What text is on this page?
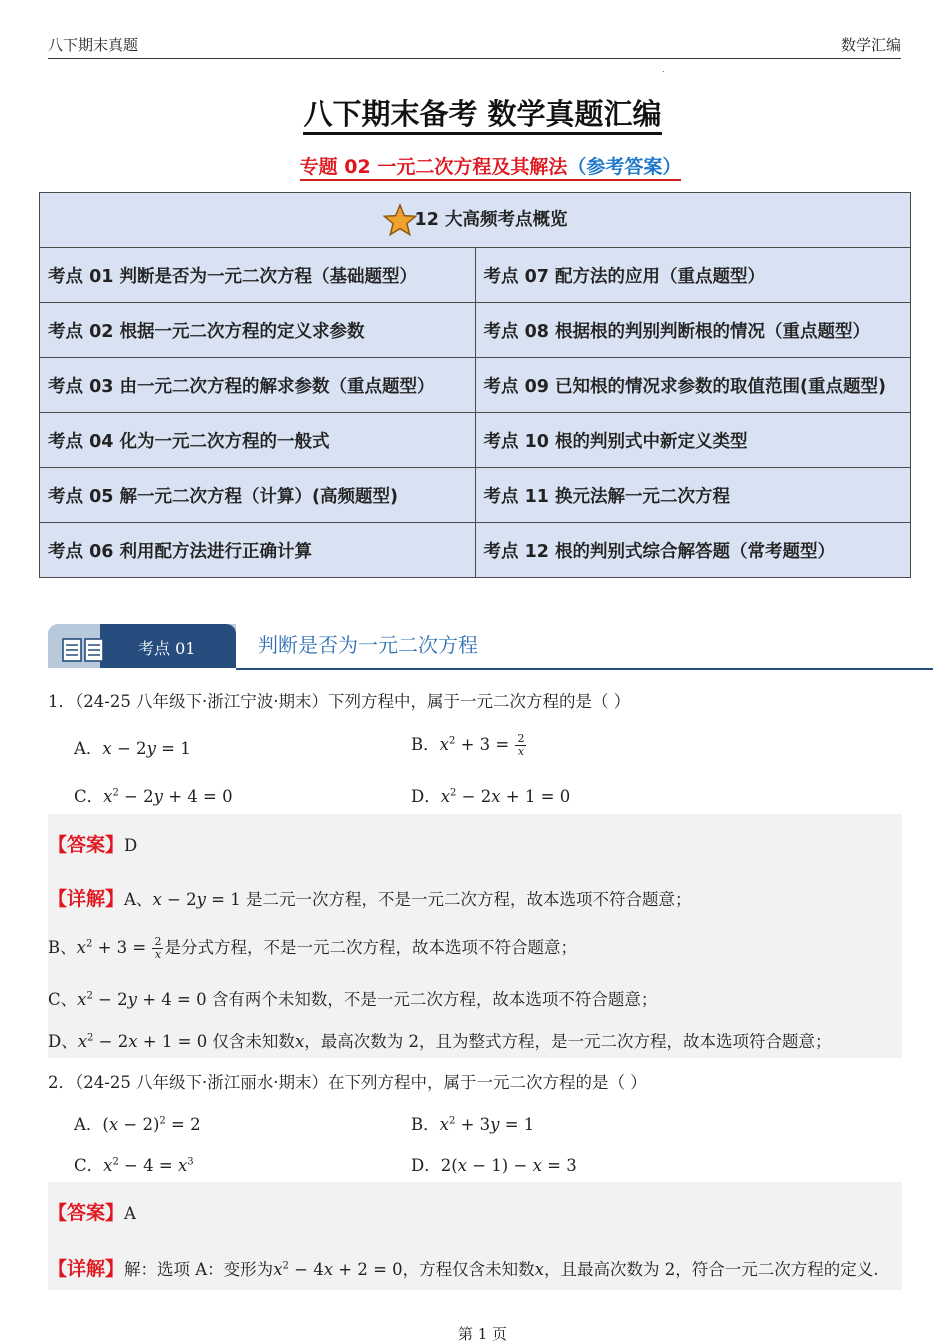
八下期末真题	数学汇编
.
八下期末备考 数学真题汇编
专题 02 一元二次方程及其解法（参考答案）
12 大高频考点概览	
考点 01 判断是否为一元二次方程（基础题型）	考点 07 配方法的应用（重点题型）
考点 02 根据一元二次方程的定义求参数	考点 08 根据根的判别判断根的情况（重点题型）
考点 03 由一元二次方程的解求参数（重点题型）	考点 09 已知根的情况求参数的取值范围(重点题型)
考点 04 化为一元二次方程的一般式	考点 10 根的判别式中新定义类型
考点 05 解一元二次方程（计算）(高频题型)	考点 11 换元法解一元二次方程
考点 06 利用配方法进行正确计算	考点 12 根的判别式综合解答题（常考题型）
考点 01	判断是否为一元二次方程
1．（24-25 八年级下·浙江宁波·期末）下列方程中，属于一元二次方程的是（ ）
A．x − 2y = 1	B．$x^2 + 3 = \frac{2}{x}$
C．$x^2 - 2y + 4 = 0$	D．$x^2 - 2x + 1 = 0$
【答案】D
【详解】A、x − 2y = 1 是二元一次方程，不是一元二次方程，故本选项不符合题意；
B、$x^2 + 3 = \frac{2}{x}$ 是分式方程，不是一元二次方程，故本选项不符合题意；
C、$x^2 - 2y + 4 = 0$ 含有两个未知数，不是一元二次方程，故本选项不符合题意；
D、$x^2 - 2x + 1 = 0$ 仅含未知数x，最高次数为 2，且为整式方程，是一元二次方程，故本选项符合题意；
2．（24-25 八年级下·浙江丽水·期末）在下列方程中，属于一元二次方程的是（ ）
A．$(x - 2)^2 = 2$	B．$x^2 + 3y = 1$
C．$x^2 - 4 = x^3$	D．2(x − 1) − x = 3
【答案】A
【详解】解：选项 A：变形为$x^2 - 4x + 2 = 0$，方程仅含未知数x，且最高次数为 2，符合一元二次方程的定义.
第 1 页
